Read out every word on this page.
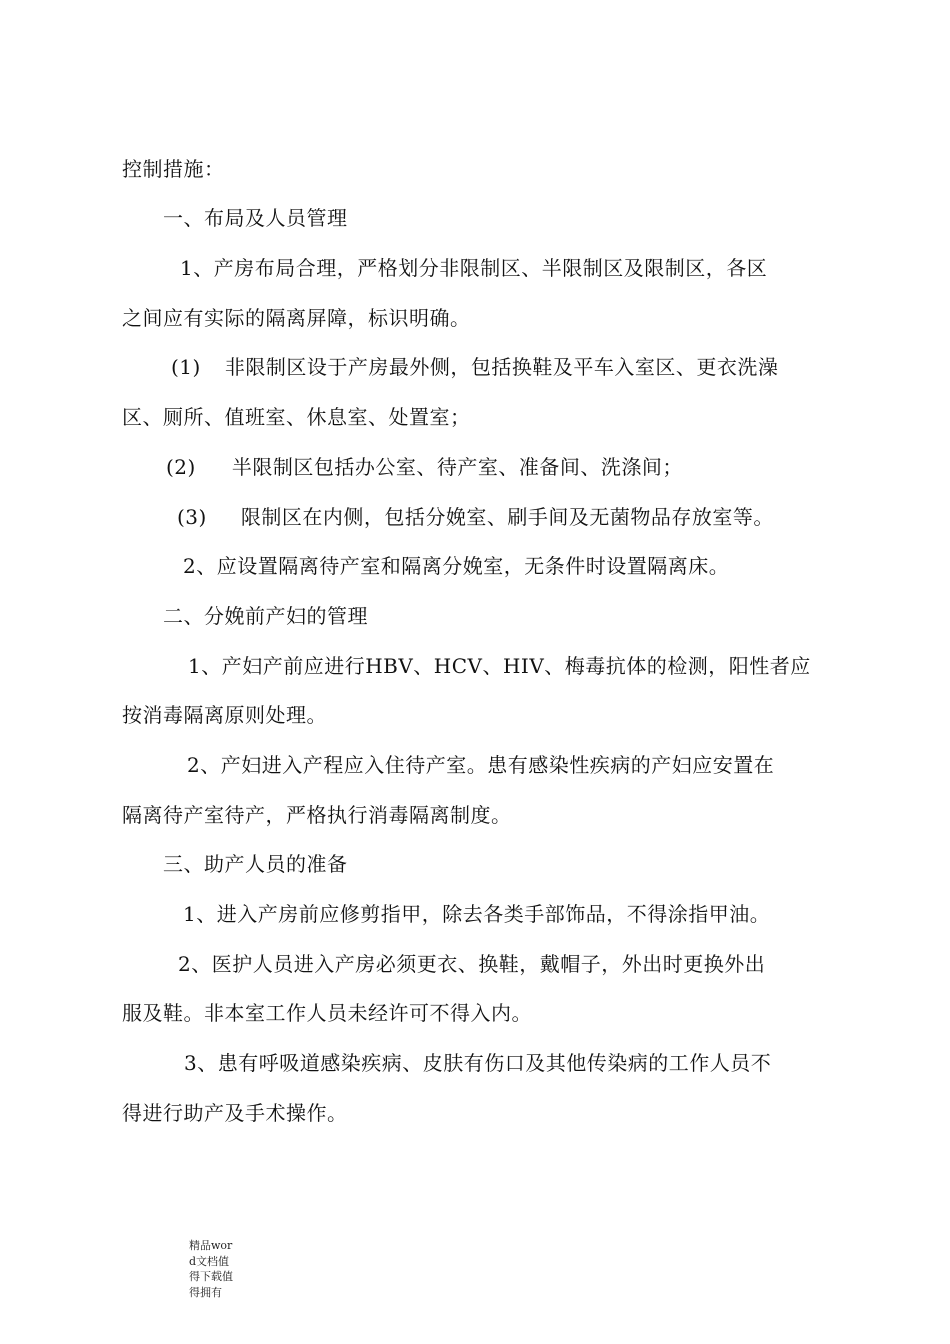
控制措施：
一、布局及人员管理
1、产房布局合理，严格划分非限制区、半限制区及限制区，各区
之间应有实际的隔离屏障，标识明确。
(1) 非限制区设于产房最外侧，包括换鞋及平车入室区、更衣洗澡
区、厕所、值班室、休息室、处置室；
(2) 半限制区包括办公室、待产室、准备间、洗涤间；
(3) 限制区在内侧，包括分娩室、刷手间及无菌物品存放室等。
2、应设置隔离待产室和隔离分娩室，无条件时设置隔离床。
二、分娩前产妇的管理
1、产妇产前应进行HBV、HCV、HIV、梅毒抗体的检测，阳性者应
按消毒隔离原则处理。
2、产妇进入产程应入住待产室。患有感染性疾病的产妇应安置在
隔离待产室待产，严格执行消毒隔离制度。
三、助产人员的准备
1、进入产房前应修剪指甲，除去各类手部饰品，不得涂指甲油。
2、医护人员进入产房必须更衣、换鞋，戴帽子，外出时更换外出
服及鞋。非本室工作人员未经许可不得入内。
3、患有呼吸道感染疾病、皮肤有伤口及其他传染病的工作人员不
得进行助产及手术操作。
精品word文档值得下载值得拥有
